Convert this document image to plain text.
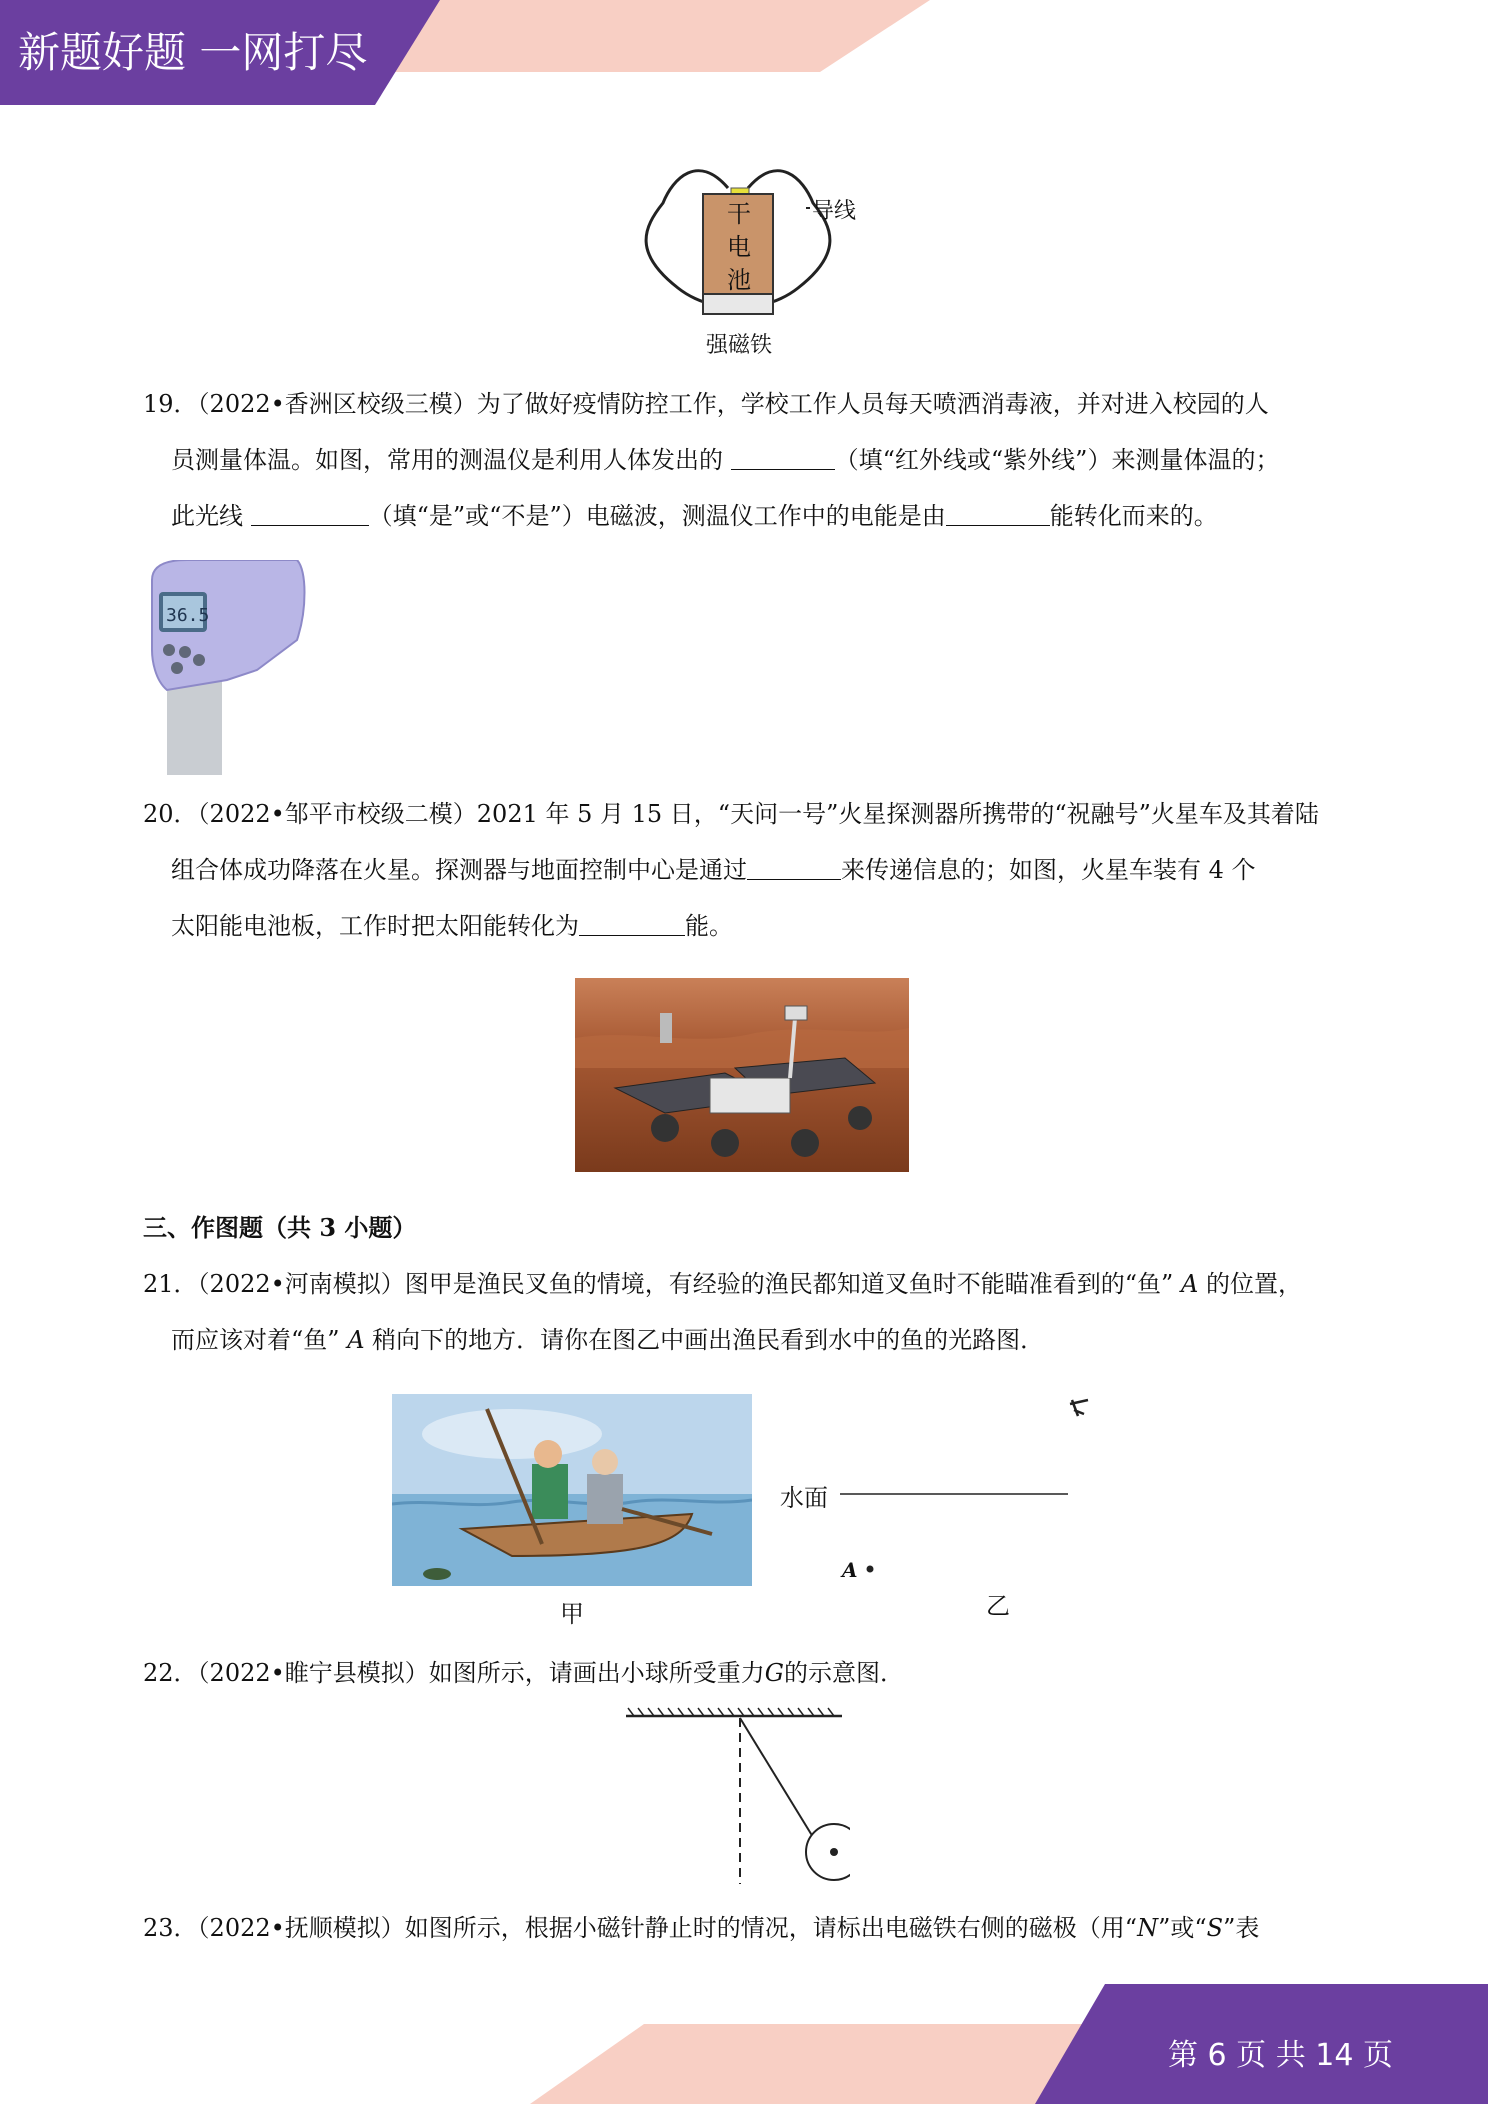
新题好题 一网打尽
干
电
池
导线
强磁铁

19．（2022•香洲区校级三模）为了做好疫情防控工作，学校工作人员每天喷洒消毒液，并对进入校园的人

员测量体温。如图，常用的测温仪是利用人体发出的	（填“红外线或“紫外线”）来测量体温的；

此光线	（填“是”或“不是”）电磁波，测温仪工作中的电能是由	能转化而来的。

36.5

20．（2022•邹平市校级二模）2021 年 5 月 15 日，“天问一号”火星探测器所携带的“祝融号”火星车及其着陆

组合体成功降落在火星。探测器与地面控制中心是通过	来传递信息的；如图，火星车装有 4 个

太阳能电池板，工作时把太阳能转化为	能。

三、作图题（共 3 小题）

21．（2022•河南模拟）图甲是渔民叉鱼的情境，有经验的渔民都知道叉鱼时不能瞄准看到的“鱼” A 的位置，

而应该对着“鱼” A 稍向下的地方．请你在图乙中画出渔民看到水中的鱼的光路图．

甲
水面
A
乙

22．（2022•睢宁县模拟）如图所示，请画出小球所受重力G的示意图．

23．（2022•抚顺模拟）如图所示，根据小磁针静止时的情况，请标出电磁铁右侧的磁极（用“N”或“S”表

第 6 页 共 14 页
